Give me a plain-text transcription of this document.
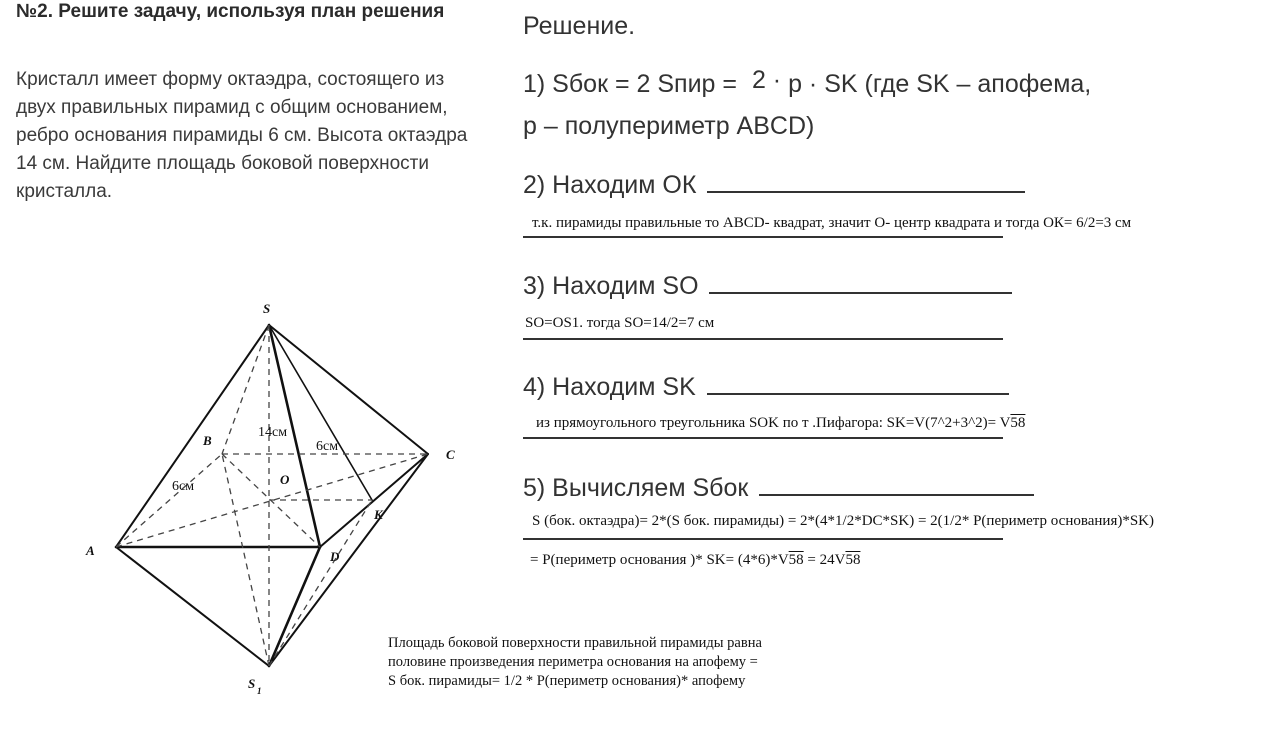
№2. Решите задачу, используя план решения
Кристалл имеет форму октаэдра, состоящего из двух правильных пирамид с общим основанием, ребро основания пирамиды 6 см. Высота октаэдра 14 см. Найдите площадь боковой поверхности кристалла.
S
B
C
O
K
A	D
S 1
14см
6см
6см
Решение.
1) Sбок = 2 Sпир = 2 · р · SK (где SK – апофема,
р – полупериметр ABCD)
2) Находим ОК
т.к. пирамиды правильные то ABCD- квадрат, значит О- центр квадрата и тогда ОК= 6/2=3 см
3) Находим SO
SO=OS1. тогда SO=14/2=7 см
4) Находим SK
из прямоугольного треугольника SOK по т .Пифагора: SK=V(7^2+3^2)= V58
5) Вычисляем Sбок
S (бок. октаэдра)= 2*(S бок. пирамиды) = 2*(4*1/2*DC*SK) = 2(1/2* Р(периметр основания)*SK)
= Р(периметр основания )* SK= (4*6)*V58 = 24V58
Площадь боковой поверхности правильной пирамиды равна
половине произведения периметра основания на апофему =
S бок. пирамиды= 1/2 * Р(периметр основания)* апофему
